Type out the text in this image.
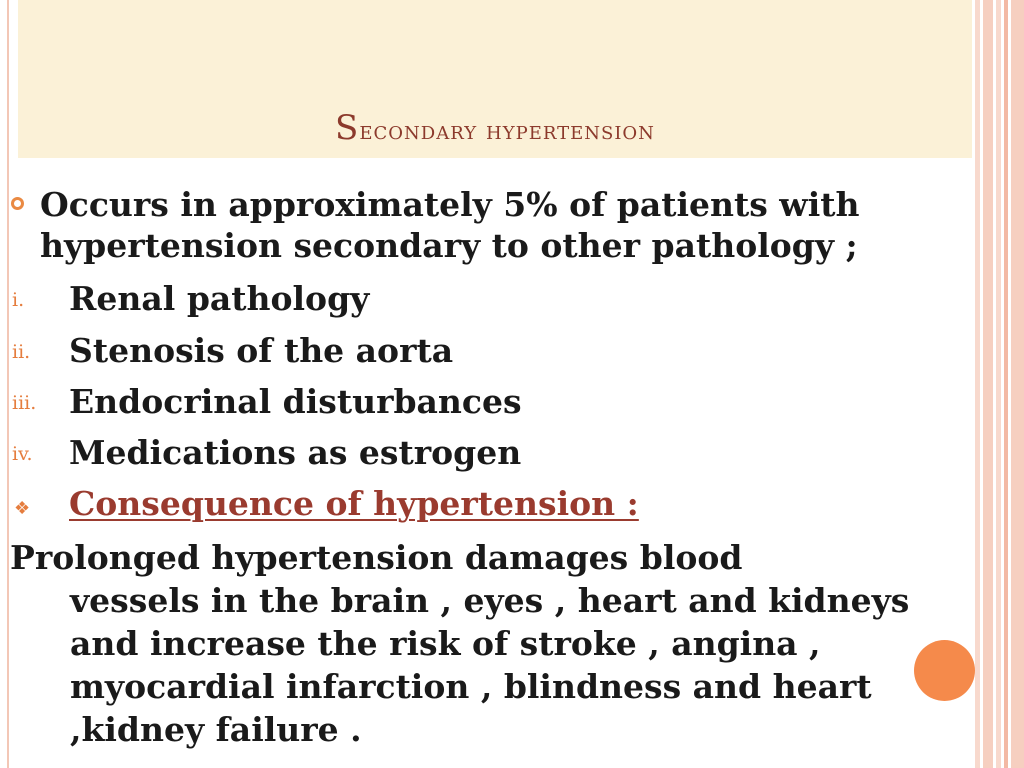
Secondary hypertension
Occurs in approximately 5% of patients with hypertension secondary to other pathology ;
i. Renal pathology
ii. Stenosis of the aorta
iii. Endocrinal disturbances
iv. Medications as estrogen
❖ Consequence of hypertension :
Prolonged hypertension damages blood
vessels in the brain , eyes , heart and kidneys and increase the risk of stroke , angina , myocardial infarction , blindness and heart ,kidney failure .
